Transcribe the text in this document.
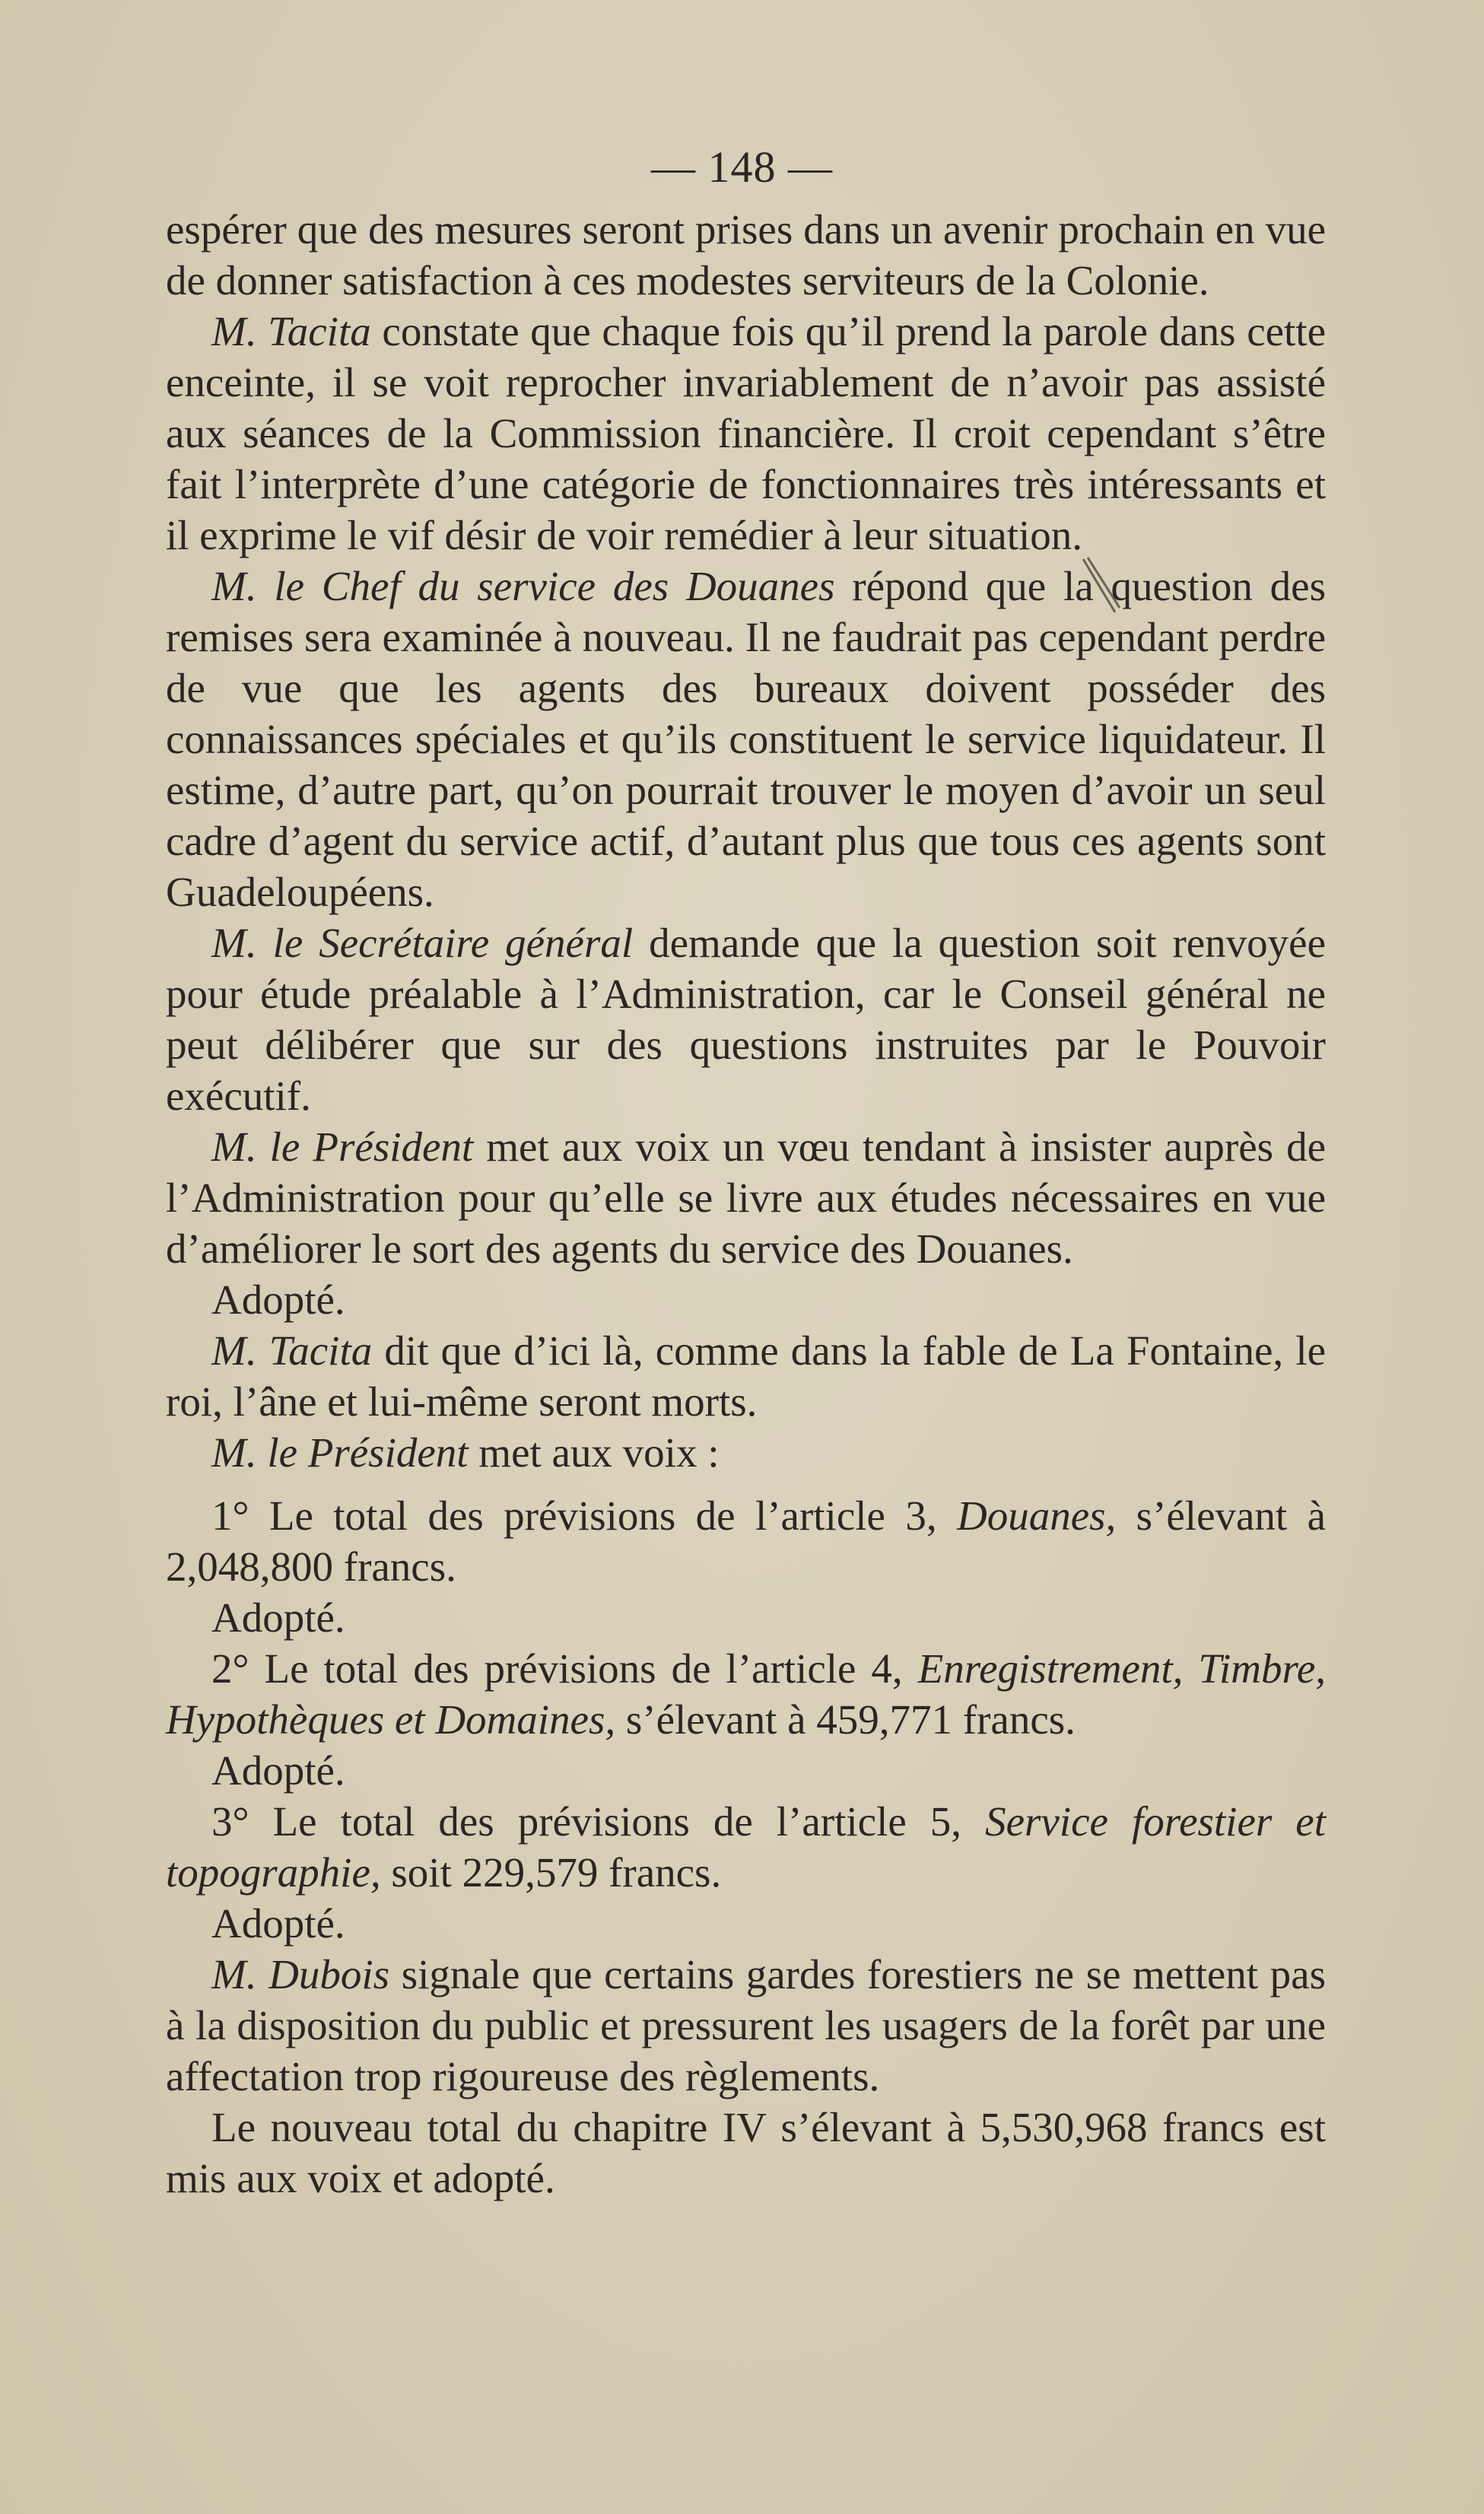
— 148 —

espérer que des mesures seront prises dans un avenir prochain en vue de donner satisfaction à ces modestes serviteurs de la Colonie.

M. Tacita constate que chaque fois qu’il prend la parole dans cette enceinte, il se voit reprocher invariablement de n’avoir pas assisté aux séances de la Commission financière. Il croit cependant s’être fait l’interprète d’une catégorie de fonctionnaires très intéressants et il exprime le vif désir de voir remédier à leur situation.

M. le Chef du service des Douanes répond que la question des remises sera examinée à nouveau. Il ne faudrait pas cependant perdre de vue que les agents des bureaux doivent posséder des connaissances spéciales et qu’ils constituent le service liquidateur. Il estime, d’autre part, qu’on pourrait trouver le moyen d’avoir un seul cadre d’agent du service actif, d’autant plus que tous ces agents sont Guadeloupéens.

M. le Secrétaire général demande que la question soit renvoyée pour étude préalable à l’Administration, car le Conseil général ne peut délibérer que sur des questions instruites par le Pouvoir exécutif.

M. le Président met aux voix un vœu tendant à insister auprès de l’Administration pour qu’elle se livre aux études nécessaires en vue d’améliorer le sort des agents du service des Douanes.

Adopté.

M. Tacita dit que d’ici là, comme dans la fable de La Fontaine, le roi, l’âne et lui-même seront morts.

M. le Président met aux voix :

1° Le total des prévisions de l’article 3, Douanes, s’élevant à 2,048,800 francs.

Adopté.

2° Le total des prévisions de l’article 4, Enregistrement, Timbre, Hypothèques et Domaines, s’élevant à 459,771 francs.

Adopté.

3° Le total des prévisions de l’article 5, Service forestier et topographie, soit 229,579 francs.

Adopté.

M. Dubois signale que certains gardes forestiers ne se mettent pas à la disposition du public et pressurent les usagers de la forêt par une affectation trop rigoureuse des règlements.

Le nouveau total du chapitre IV s’élevant à 5,530,968 francs est mis aux voix et adopté.
